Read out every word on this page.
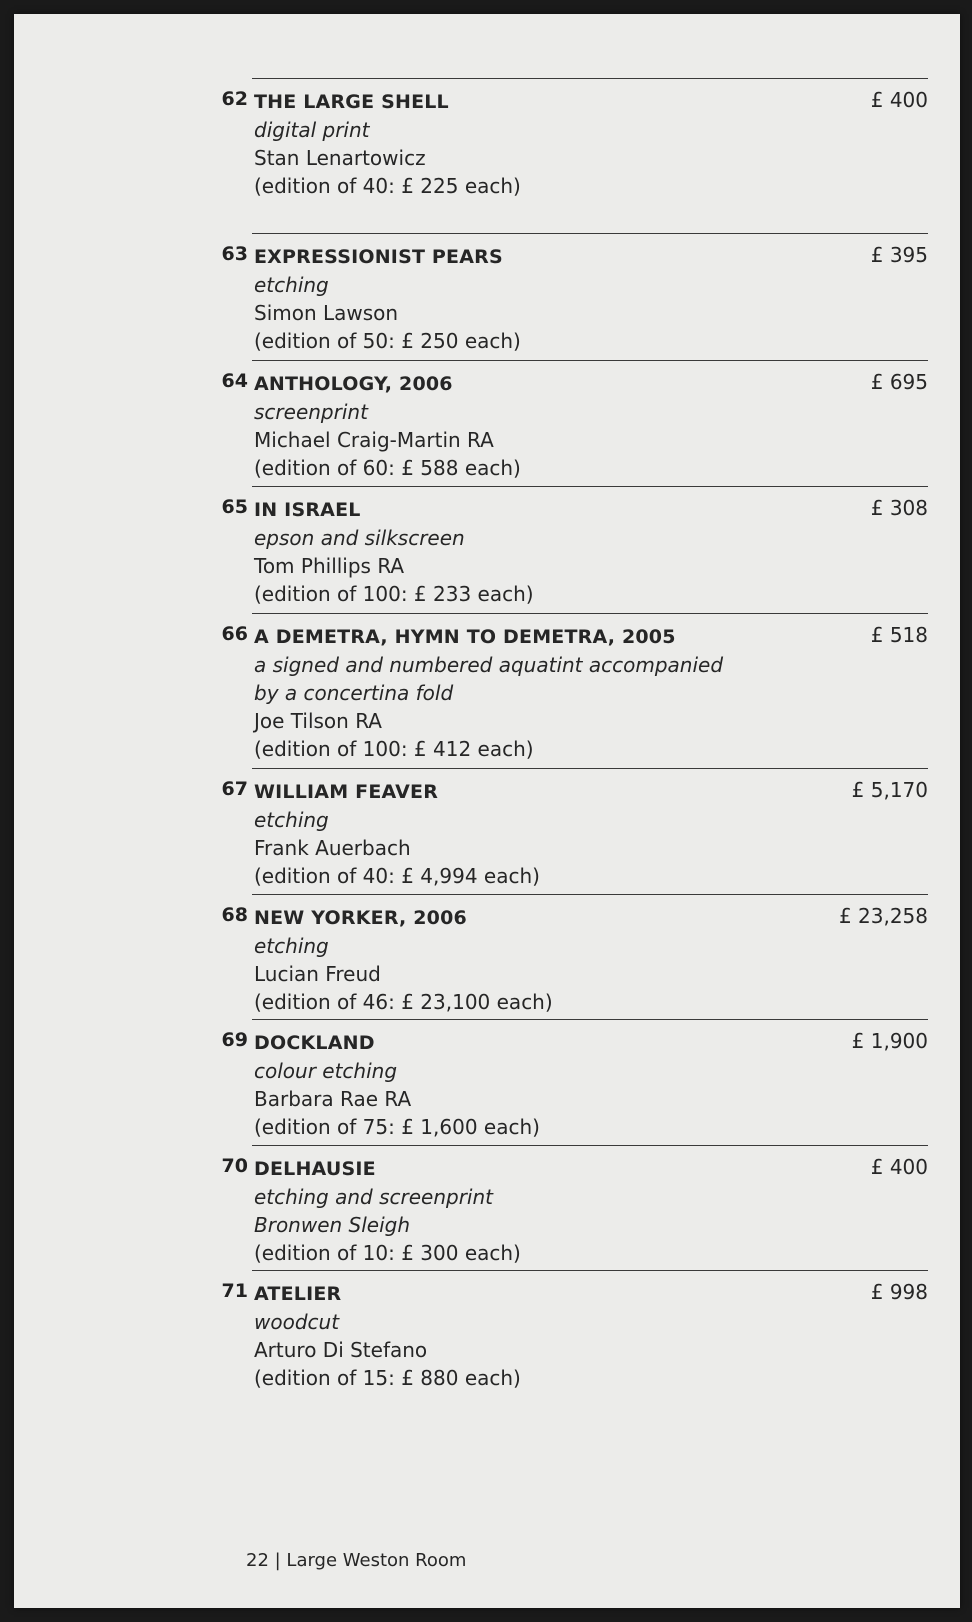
62 THE LARGE SHELL
digital print
Stan Lenartowicz
(edition of 40: £ 225 each)
£ 400
63 EXPRESSIONIST PEARS
etching
Simon Lawson
(edition of 50: £ 250 each)
£ 395
64 ANTHOLOGY, 2006
screenprint
Michael Craig-Martin RA
(edition of 60: £ 588 each)
£ 695
65 IN ISRAEL
epson and silkscreen
Tom Phillips RA
(edition of 100: £ 233 each)
£ 308
66 A DEMETRA, HYMN TO DEMETRA, 2005
a signed and numbered aquatint accompanied
by a concertina fold
Joe Tilson RA
(edition of 100: £ 412 each)
£ 518
67 WILLIAM FEAVER
etching
Frank Auerbach
(edition of 40: £ 4,994 each)
£ 5,170
68 NEW YORKER, 2006
etching
Lucian Freud
(edition of 46: £ 23,100 each)
£ 23,258
69 DOCKLAND
colour etching
Barbara Rae RA
(edition of 75: £ 1,600 each)
£ 1,900
70 DELHAUSIE
etching and screenprint
Bronwen Sleigh
(edition of 10: £ 300 each)
£ 400
71 ATELIER
woodcut
Arturo Di Stefano
(edition of 15: £ 880 each)
£ 998
22 | Large Weston Room
